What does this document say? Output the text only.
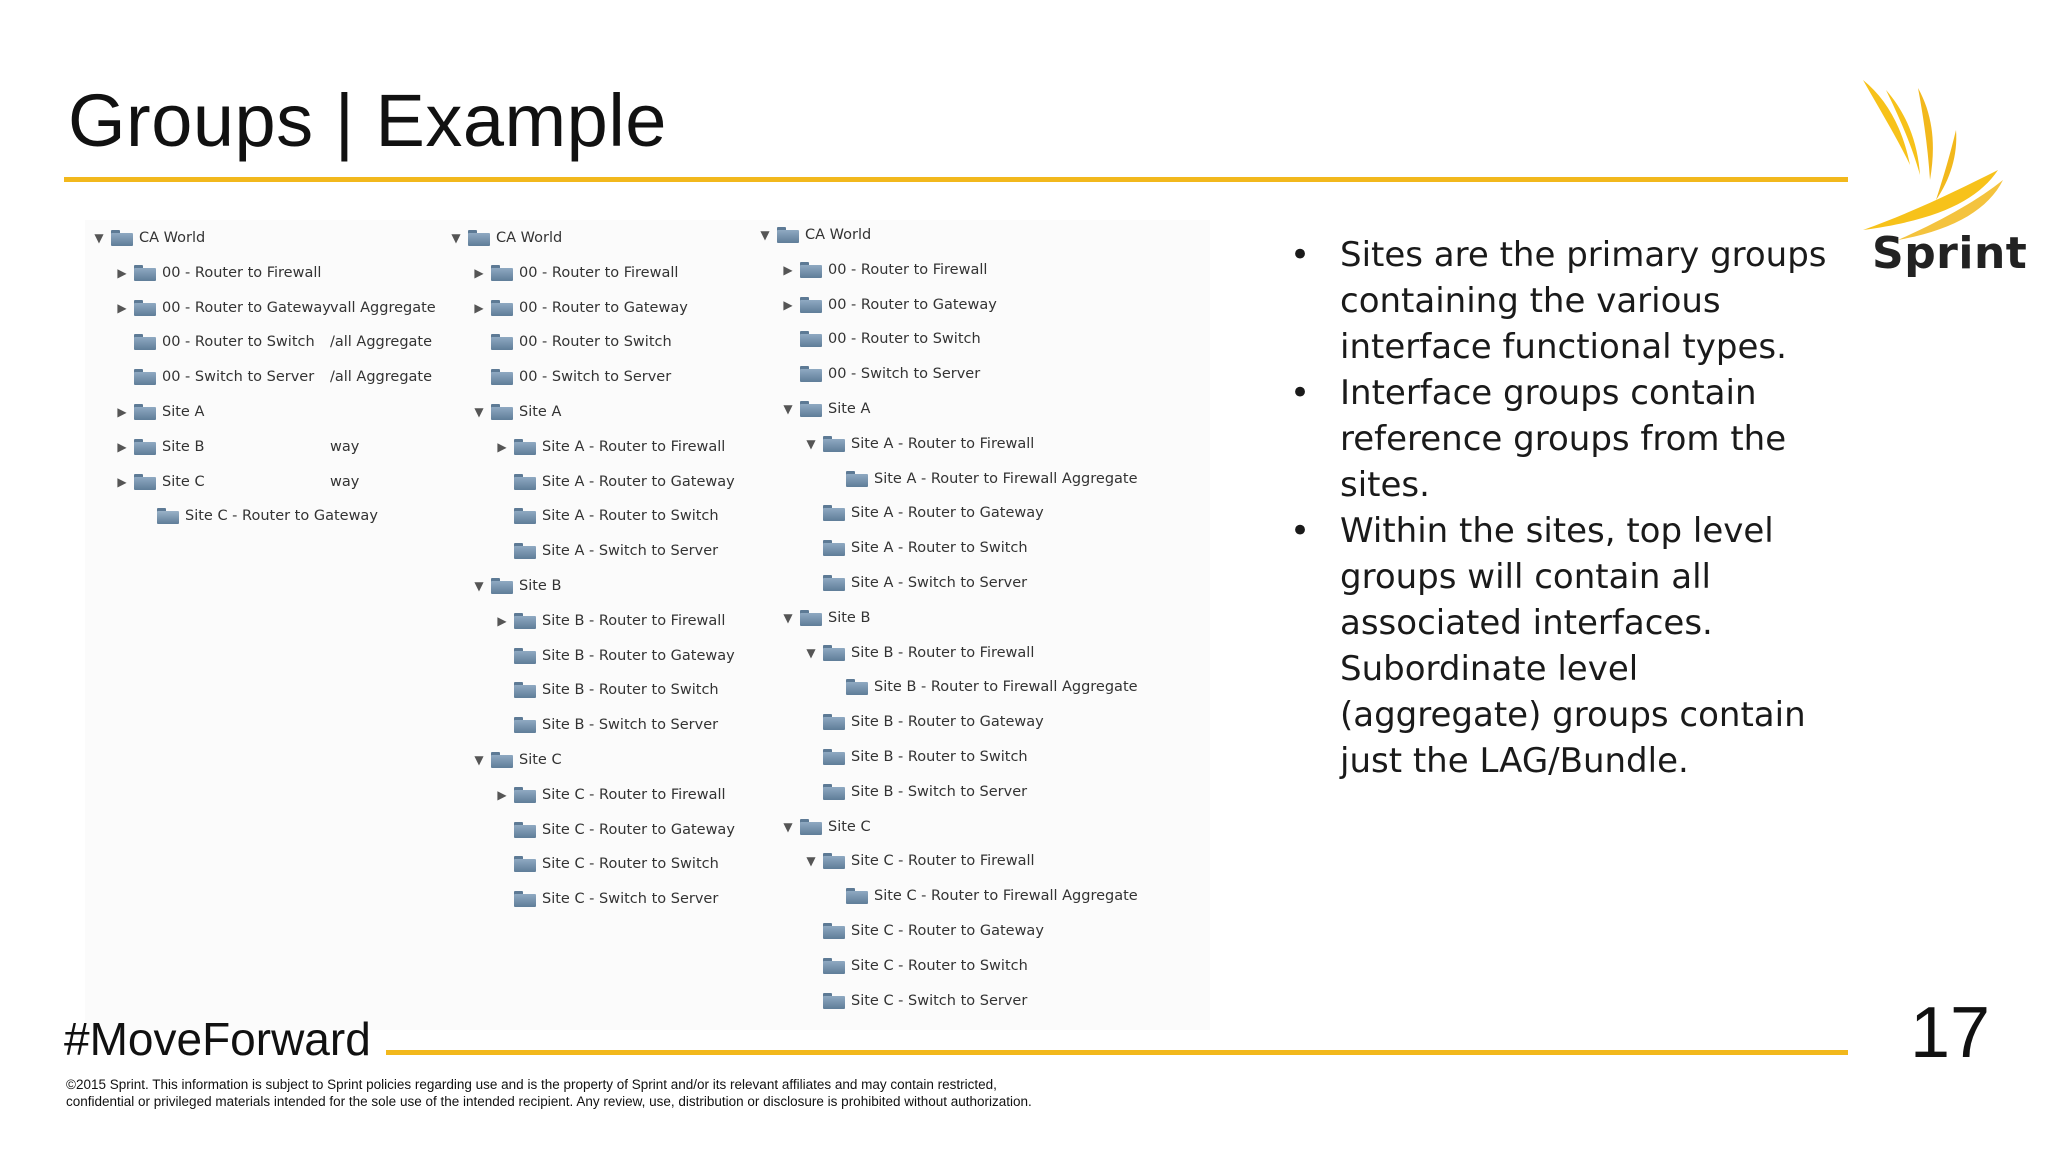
Groups | Example
Sprint
▼ CA World
▶ 00 - Router to Firewall
▶ 00 - Router to Gateway
00 - Router to Switch
00 - Switch to Server
▶ Site A
▶ Site B
▶ Site C
Site C - Router to Gateway
vall Aggregate
/all Aggregate
/all Aggregate
way
way
▼ CA World
▶ 00 - Router to Firewall
▶ 00 - Router to Gateway
00 - Router to Switch
00 - Switch to Server
▼ Site A
▶ Site A - Router to Firewall
Site A - Router to Gateway
Site A - Router to Switch
Site A - Switch to Server
▼ Site B
▶ Site B - Router to Firewall
Site B - Router to Gateway
Site B - Router to Switch
Site B - Switch to Server
▼ Site C
▶ Site C - Router to Firewall
Site C - Router to Gateway
Site C - Router to Switch
Site C - Switch to Server
▼ CA World
▶ 00 - Router to Firewall
▶ 00 - Router to Gateway
00 - Router to Switch
00 - Switch to Server
▼ Site A
▼ Site A - Router to Firewall
Site A - Router to Firewall Aggregate
Site A - Router to Gateway
Site A - Router to Switch
Site A - Switch to Server
▼ Site B
▼ Site B - Router to Firewall
Site B - Router to Firewall Aggregate
Site B - Router to Gateway
Site B - Router to Switch
Site B - Switch to Server
▼ Site C
▼ Site C - Router to Firewall
Site C - Router to Firewall Aggregate
Site C - Router to Gateway
Site C - Router to Switch
Site C - Switch to Server
• Sites are the primary groups containing the various interface functional types.
• Interface groups contain reference groups from the sites.
• Within the sites, top level groups will contain all associated interfaces. Subordinate level (aggregate) groups contain just the LAG/Bundle.
#MoveForward	17
©2015 Sprint. This information is subject to Sprint policies regarding use and is the property of Sprint and/or its relevant affiliates and may contain restricted,
confidential or privileged materials intended for the sole use of the intended recipient. Any review, use, distribution or disclosure is prohibited without authorization.
